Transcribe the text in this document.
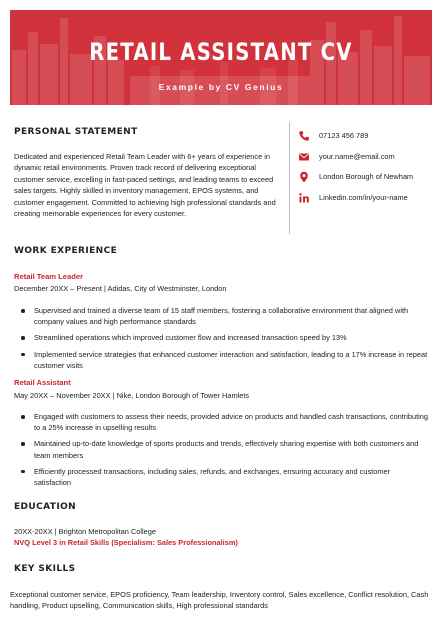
RETAIL ASSISTANT CV
Example by CV Genius
PERSONAL STATEMENT
Dedicated and experienced Retail Team Leader with 6+ years of experience in dynamic retail environments. Proven track record of delivering exceptional customer service, excelling in fast-paced settings, and leading teams to exceed sales targets. Highly skilled in inventory management, EPOS systems, and customer engagement. Committed to achieving high professional standards and creating memorable experiences for every customer.
07123 456 789
your.name@email.com
London Borough of Newham
Linkedin.com/in/your-name
WORK EXPERIENCE
Retail Team Leader
December 20XX – Present | Adidas, City of Westminster, London
Supervised and trained a diverse team of 15 staff members, fostering a collaborative environment that aligned with company values and high performance standards
Streamlined operations which improved customer flow and increased transaction speed by 13%
Implemented service strategies that enhanced customer interaction and satisfaction, leading to a 17% increase in repeat customer visits
Retail Assistant
May 20XX – November 20XX | Nike, London Borough of Tower Hamlets
Engaged with customers to assess their needs, provided advice on products and handled cash transactions, contributing to a 25% increase in upselling results
Maintained up-to-date knowledge of sports products and trends, effectively sharing expertise with both customers and team members
Efficiently processed transactions, including sales, refunds, and exchanges, ensuring accuracy and customer satisfaction
EDUCATION
20XX-20XX | Brighton Metropolitan College
NVQ Level 3 in Retail Skills (Specialism: Sales Professionalism)
KEY SKILLS
Exceptional customer service, EPOS proficiency, Team leadership, Inventory control, Sales excellence, Conflict resolution, Cash handling, Product upselling, Communication skills, High professional standards
